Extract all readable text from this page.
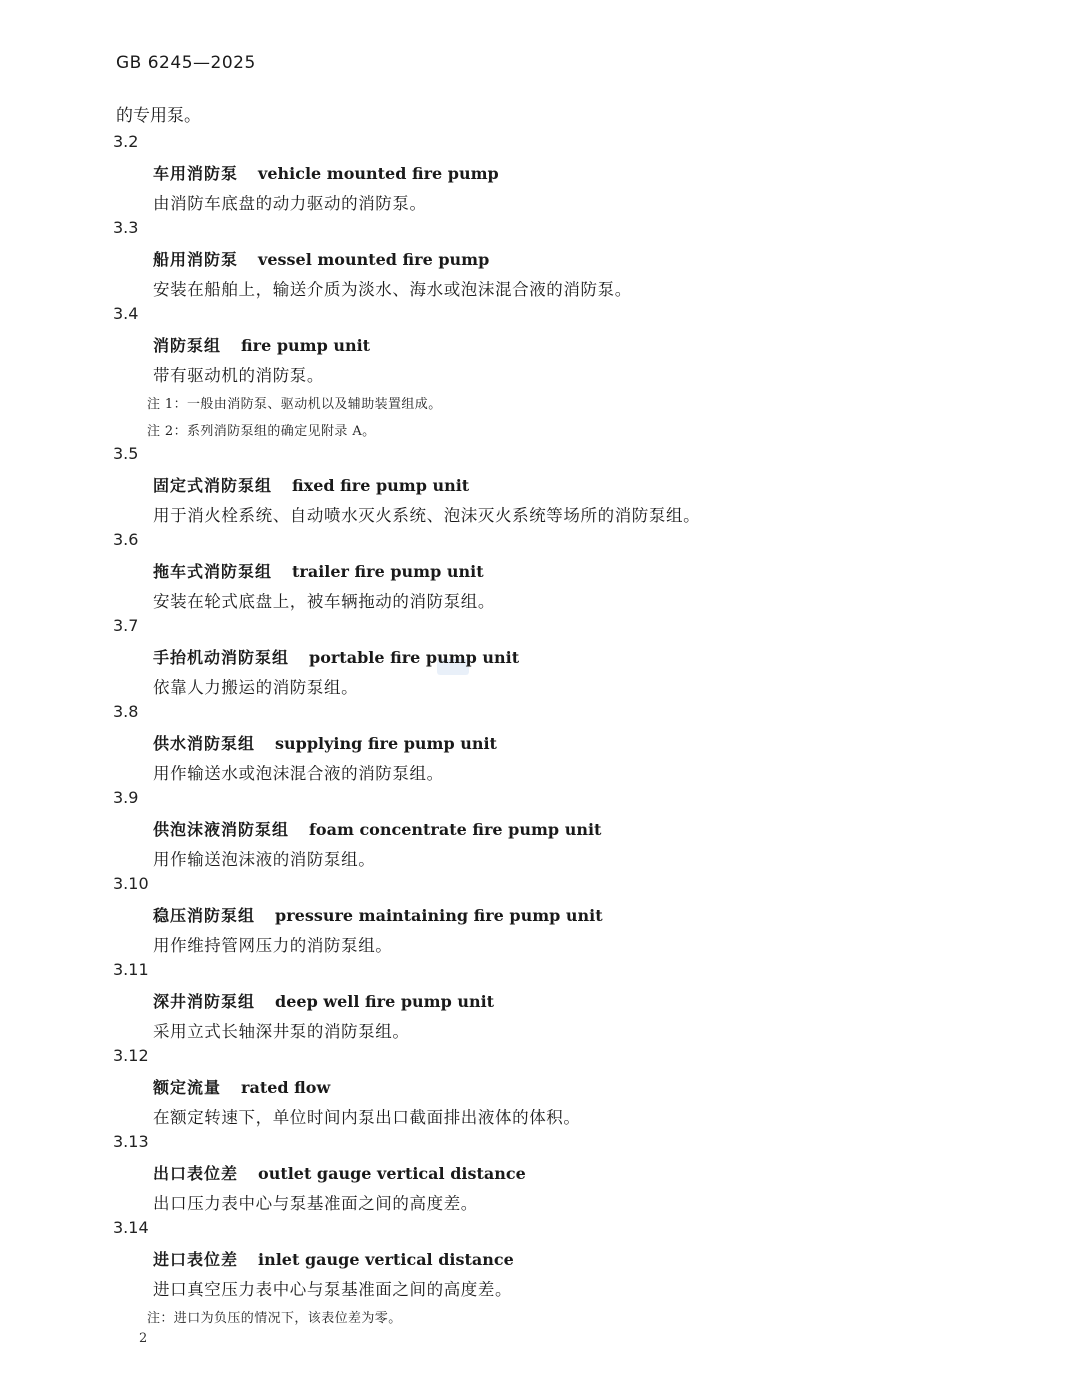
GB 6245—2025
的专用泵。
3.2
车用消防泵 vehicle mounted fire pump
由消防车底盘的动力驱动的消防泵。
3.3
船用消防泵 vessel mounted fire pump
安装在船舶上，输送介质为淡水、海水或泡沫混合液的消防泵。
3.4
消防泵组 fire pump unit
带有驱动机的消防泵。
注 1：一般由消防泵、驱动机以及辅助装置组成。
注 2：系列消防泵组的确定见附录 A。
3.5
固定式消防泵组 fixed fire pump unit
用于消火栓系统、自动喷水灭火系统、泡沫灭火系统等场所的消防泵组。
3.6
拖车式消防泵组 trailer fire pump unit
安装在轮式底盘上，被车辆拖动的消防泵组。
3.7
手抬机动消防泵组 portable fire pump unit
依靠人力搬运的消防泵组。
3.8
供水消防泵组 supplying fire pump unit
用作输送水或泡沫混合液的消防泵组。
3.9
供泡沫液消防泵组 foam concentrate fire pump unit
用作输送泡沫液的消防泵组。
3.10
稳压消防泵组 pressure maintaining fire pump unit
用作维持管网压力的消防泵组。
3.11
深井消防泵组 deep well fire pump unit
采用立式长轴深井泵的消防泵组。
3.12
额定流量 rated flow
在额定转速下，单位时间内泵出口截面排出液体的体积。
3.13
出口表位差 outlet gauge vertical distance
出口压力表中心与泵基准面之间的高度差。
3.14
进口表位差 inlet gauge vertical distance
进口真空压力表中心与泵基准面之间的高度差。
注：进口为负压的情况下，该表位差为零。
2
